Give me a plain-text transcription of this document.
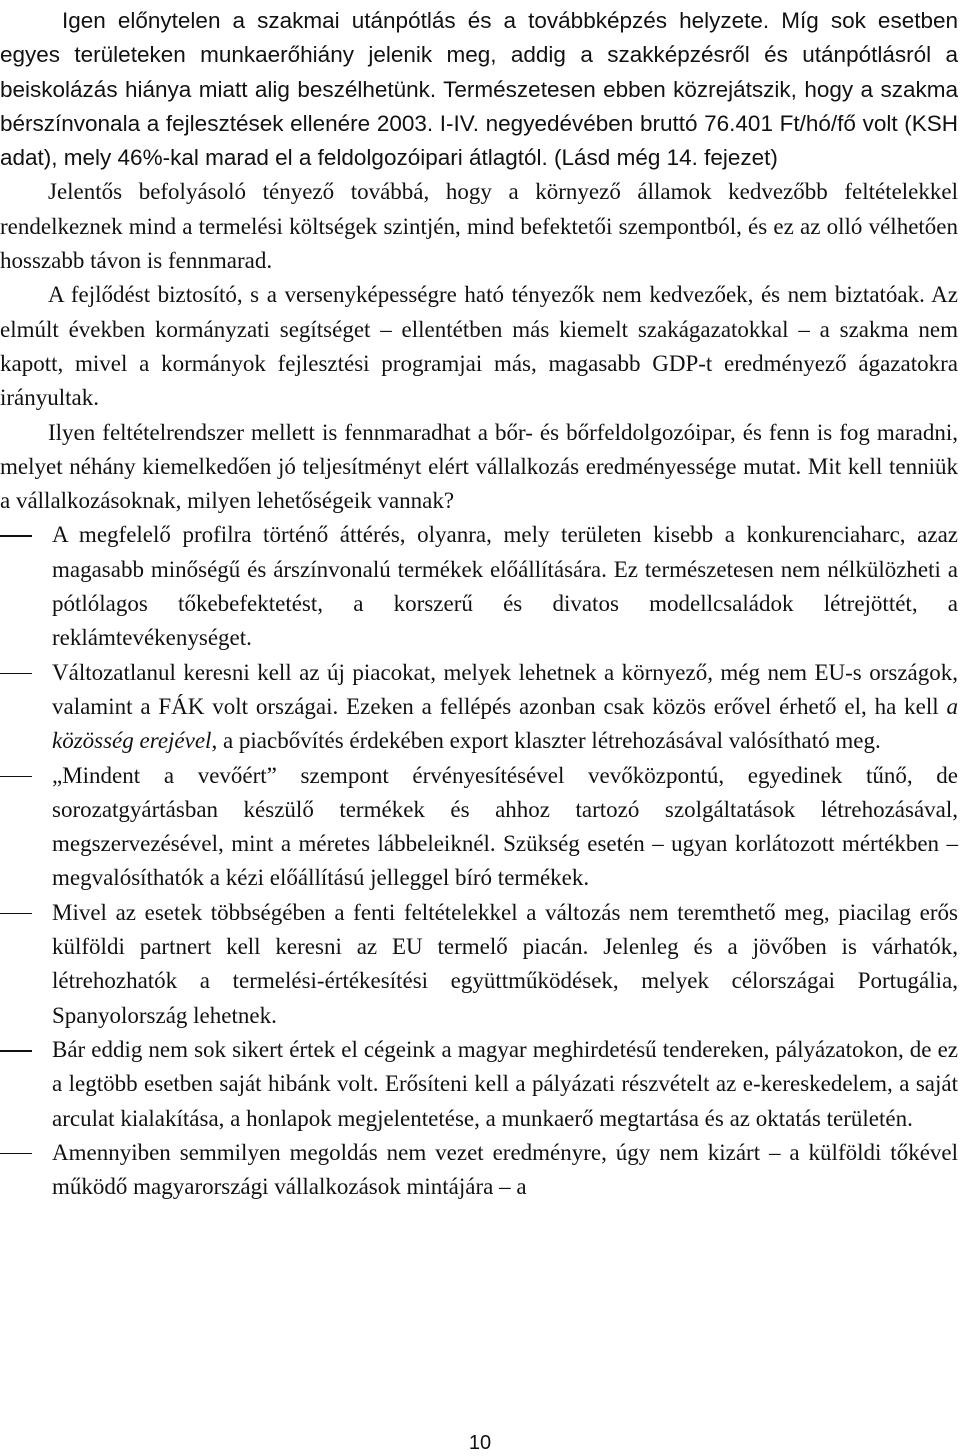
Igen előnytelen a szakmai utánpótlás és a továbbképzés helyzete. Míg sok esetben egyes területeken munkaerőhiány jelenik meg, addig a szakképzésről és utánpótlásról a beiskolázás hiánya miatt alig beszélhetünk. Természetesen ebben közrejátszik, hogy a szakma bérszínvonala a fejlesztések ellenére 2003. I-IV. negyedévében bruttó 76.401 Ft/hó/fő volt (KSH adat), mely 46%-kal marad el a feldolgozóipari átlagtól. (Lásd még 14. fejezet)

Jelentős befolyásoló tényező továbbá, hogy a környező államok kedvezőbb feltételekkel rendelkeznek mind a termelési költségek szintjén, mind befektetői szempontból, és ez az olló vélhetően hosszabb távon is fennmarad.

A fejlődést biztosító, s a versenyképességre ható tényezők nem kedvezőek, és nem biztatóak. Az elmúlt években kormányzati segítséget – ellentétben más kiemelt szakágazatokkal – a szakma nem kapott, mivel a kormányok fejlesztési programjai más, magasabb GDP-t eredményező ágazatokra irányultak.

Ilyen feltételrendszer mellett is fennmaradhat a bőr- és bőrfeldolgozóipar, és fenn is fog maradni, melyet néhány kiemelkedően jó teljesítményt elért vállalkozás eredményessége mutat. Mit kell tenniük a vállalkozásoknak, milyen lehetőségeik vannak?

A megfelelő profilra történő áttérés, olyanra, mely területen kisebb a konkurenciaharc, azaz magasabb minőségű és árszínvonalú termékek előállítására. Ez természetesen nem nélkülözheti a pótlólagos tőkebefektetést, a korszerű és divatos modellcsaládok létrejöttét, a reklámtevékenységet.
Változatlanul keresni kell az új piacokat, melyek lehetnek a környező, még nem EU-s országok, valamint a FÁK volt országai. Ezeken a fellépés azonban csak közös erővel érhető el, ha kell a közösség erejével, a piacbővítés érdekében export klaszter létrehozásával valósítható meg.
„Mindent a vevőért” szempont érvényesítésével vevőközpontú, egyedinek tűnő, de sorozatgyártásban készülő termékek és ahhoz tartozó szolgáltatások létrehozásával, megszervezésével, mint a méretes lábbeleiknél. Szükség esetén – ugyan korlátozott mértékben – megvalósíthatók a kézi előállítású jelleggel bíró termékek.
Mivel az esetek többségében a fenti feltételekkel a változás nem teremthető meg, piacilag erős külföldi partnert kell keresni az EU termelő piacán. Jelenleg és a jövőben is várhatók, létrehozhatók a termelési-értékesítési együttműködések, melyek célországai Portugália, Spanyolország lehetnek.
Bár eddig nem sok sikert értek el cégeink a magyar meghirdetésű tendereken, pályázatokon, de ez a legtöbb esetben saját hibánk volt. Erősíteni kell a pályázati részvételt az e-kereskedelem, a saját arculat kialakítása, a honlapok megjelentetése, a munkaerő megtartása és az oktatás területén.
Amennyiben semmilyen megoldás nem vezet eredményre, úgy nem kizárt – a külföldi tőkével működő magyarországi vállalkozások mintájára – a
10
